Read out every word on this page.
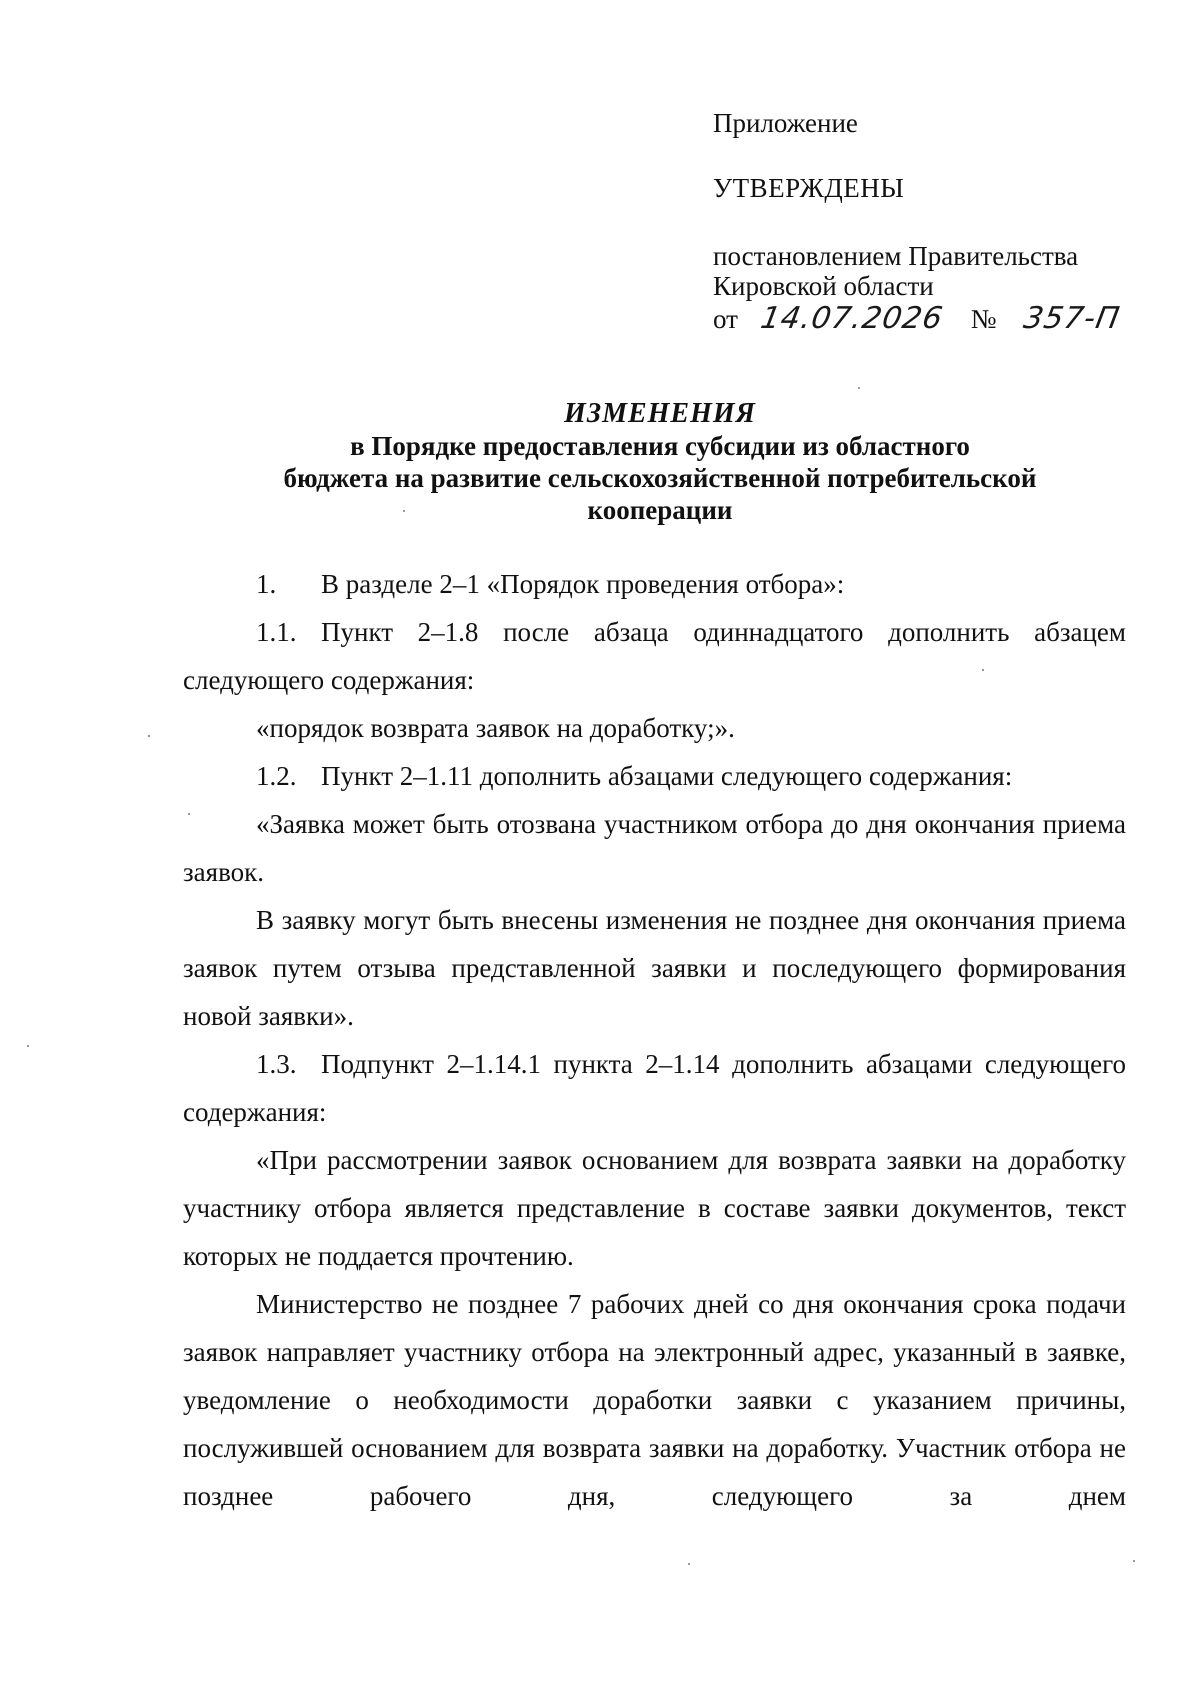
Приложение
УТВЕРЖДЕНЫ
постановлением Правительства
Кировской области
от 14.07.2026 № 357-П
ИЗМЕНЕНИЯ
в Порядке предоставления субсидии из областного
бюджета на развитие сельскохозяйственной потребительской
кооперации

1. В разделе 2–1 «Порядок проведения отбора»:

1.1. Пункт 2–1.8 после абзаца одиннадцатого дополнить абзацем следующего содержания:

«порядок возврата заявок на доработку;».

1.2. Пункт 2–1.11 дополнить абзацами следующего содержания:

«Заявка может быть отозвана участником отбора до дня окончания приема заявок.

В заявку могут быть внесены изменения не позднее дня окончания приема заявок путем отзыва представленной заявки и последующего формирования новой заявки».

1.3. Подпункт 2–1.14.1 пункта 2–1.14 дополнить абзацами следующего содержания:

«При рассмотрении заявок основанием для возврата заявки на доработку участнику отбора является представление в составе заявки документов, текст которых не поддается прочтению.

Министерство не позднее 7 рабочих дней со дня окончания срока подачи заявок направляет участнику отбора на электронный адрес, указанный в заявке, уведомление о необходимости доработки заявки с указанием причины, послужившей основанием для возврата заявки на доработку. Участник отбора не позднее рабочего дня, следующего за днем
